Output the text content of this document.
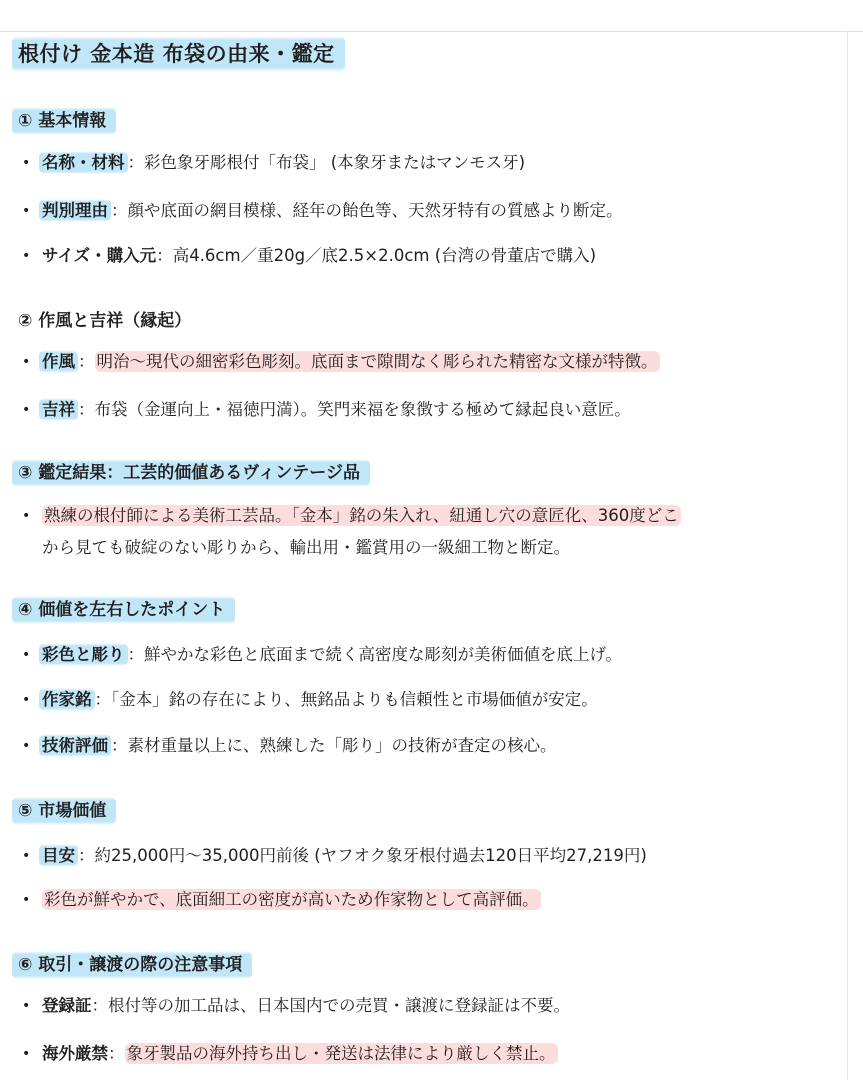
根付け 金本造 布袋の由来・鑑定
① 基本情報
• 名称・材料 ：彩色象牙彫根付「布袋」 (本象牙またはマンモス牙)
• 判別理由 ：顔や底面の網目模様、経年の飴色等、天然牙特有の質感より断定。
• サイズ・購入元：高4.6cm／重20g／底2.5×2.0cm (台湾の骨董店で購入)
② 作風と吉祥（縁起）
• 作風 ： 明治〜現代の細密彩色彫刻。底面まで隙間なく彫られた精密な文様が特徴。
• 吉祥 ：布袋（金運向上・福徳円満）。笑門来福を象徴する極めて縁起良い意匠。
③ 鑑定結果：工芸的価値あるヴィンテージ品
• 熟練の根付師による美術工芸品。「金本」銘の朱入れ、紐通し穴の意匠化、360度どこ
から見ても破綻のない彫りから、輸出用・鑑賞用の一級細工物と断定。
④ 価値を左右したポイント
• 彩色と彫り ：鮮やかな彩色と底面まで続く高密度な彫刻が美術価値を底上げ。
• 作家銘 ：「金本」銘の存在により、無銘品よりも信頼性と市場価値が安定。
• 技術評価 ：素材重量以上に、熟練した「彫り」の技術が査定の核心。
⑤ 市場価値
• 目安 ：約25,000円〜35,000円前後 (ヤフオク象牙根付過去120日平均27,219円)
• 彩色が鮮やかで、底面細工の密度が高いため作家物として高評価。
⑥ 取引・譲渡の際の注意事項
• 登録証：根付等の加工品は、日本国内での売買・譲渡に登録証は不要。
• 海外厳禁： 象牙製品の海外持ち出し・発送は法律により厳しく禁止。
